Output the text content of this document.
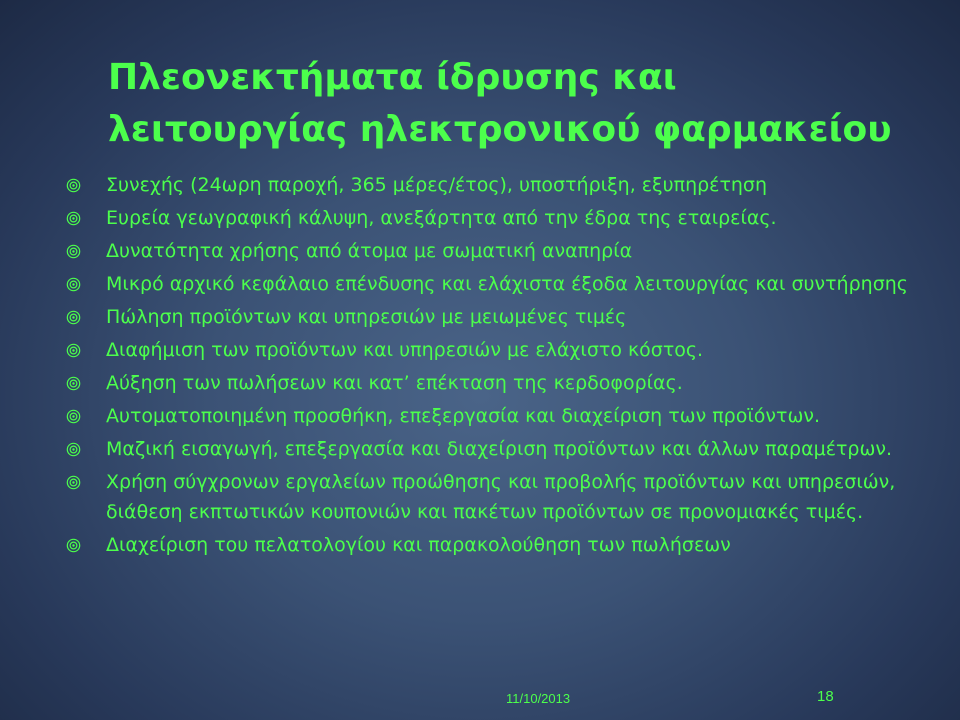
Πλεονεκτήματα ίδρυσης και
λειτουργίας ηλεκτρονικού φαρμακείου
Συνεχής (24ωρη παροχή, 365 μέρες/έτος), υποστήριξη, εξυπηρέτηση
Ευρεία γεωγραφική κάλυψη, ανεξάρτητα από την έδρα της εταιρείας.
Δυνατότητα χρήσης από άτομα με σωματική αναπηρία
Μικρό αρχικό κεφάλαιο επένδυσης και ελάχιστα έξοδα λειτουργίας και συντήρησης
Πώληση προϊόντων και υπηρεσιών με μειωμένες τιμές
Διαφήμιση των προϊόντων και υπηρεσιών με ελάχιστο κόστος.
Αύξηση των πωλήσεων και κατ’ επέκταση της κερδοφορίας.
Αυτοματοποιημένη προσθήκη, επεξεργασία και διαχείριση των προϊόντων.
Μαζική εισαγωγή, επεξεργασία και διαχείριση προϊόντων και άλλων παραμέτρων.
Χρήση σύγχρονων εργαλείων προώθησης και προβολής προϊόντων και υπηρεσιών, διάθεση εκπτωτικών κουπονιών και πακέτων προϊόντων σε προνομιακές τιμές.
Διαχείριση του πελατολογίου και παρακολούθηση των πωλήσεων
11/10/2013	18
